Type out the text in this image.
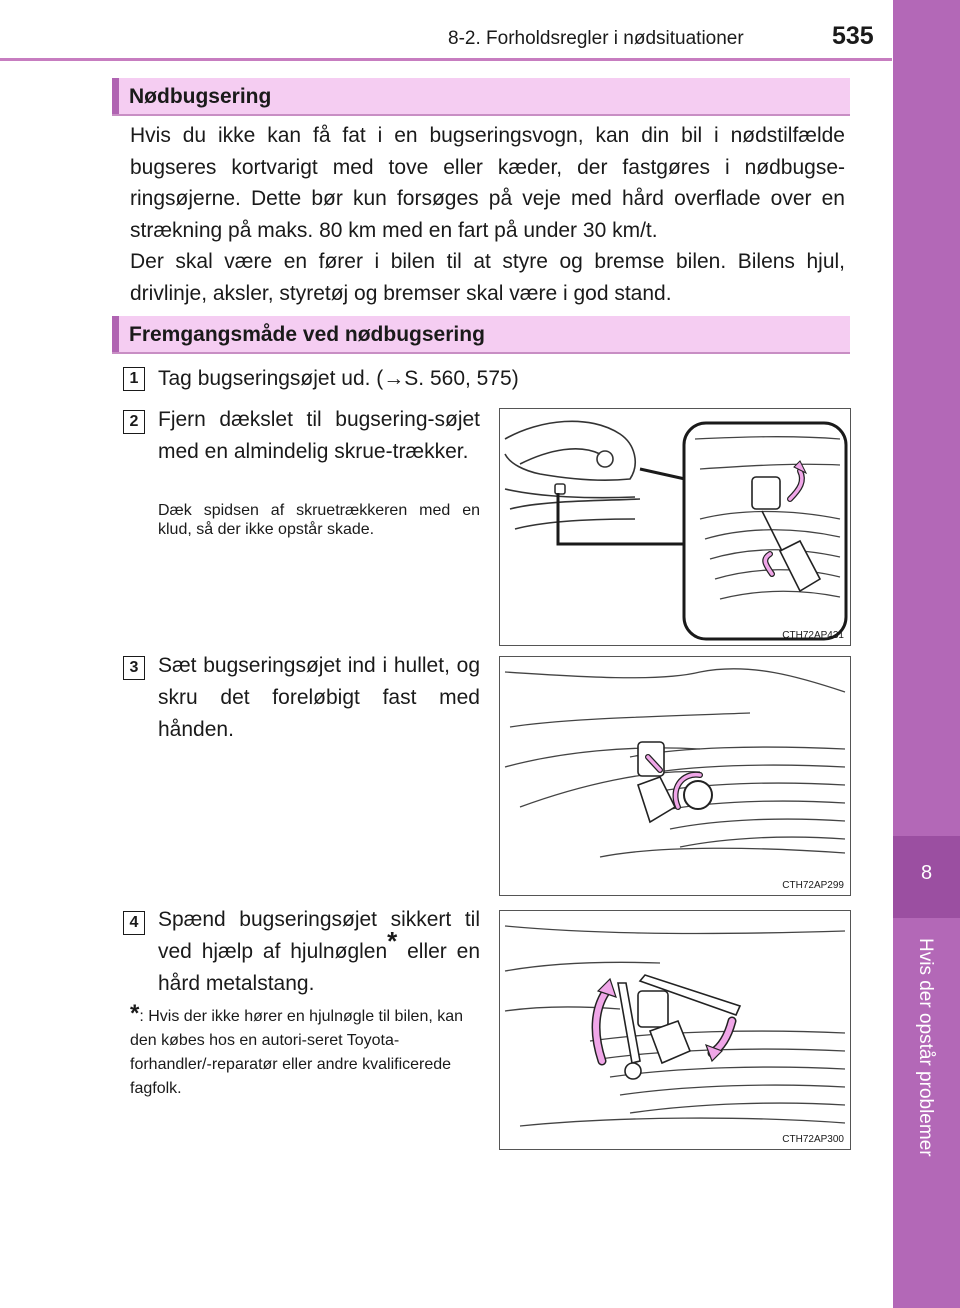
8-2. Forholdsregler i nødsituationer	535
8
Hvis der opstår problemer
Nødbugsering
Hvis du ikke kan få fat i en bugseringsvogn, kan din bil i nødstilfælde bugseres kortvarigt med tove eller kæder, der fastgøres i nødbugse-ringsøjerne. Dette bør kun forsøges på veje med hård overflade over en strækning på maks. 80 km med en fart på under 30 km/t.
Der skal være en fører i bilen til at styre og bremse bilen. Bilens hjul, drivlinje, aksler, styretøj og bremser skal være i god stand.
Fremgangsmåde ved nødbugsering
1 Tag bugseringsøjet ud. (→S. 560, 575)
2 Fjern dækslet til bugsering-søjet med en almindelig skrue-trækker.
Dæk spidsen af skruetrækkeren med en klud, så der ikke opstår skade.
CTH72AP431
3 Sæt bugseringsøjet ind i hullet, og skru det foreløbigt fast med hånden.
CTH72AP299
4 Spænd bugseringsøjet sikkert til ved hjælp af hjulnøglen* eller en hård metalstang.
*: Hvis der ikke hører en hjulnøgle til bilen, kan den købes hos en autori-seret Toyota-forhandler/-reparatør eller andre kvalificerede fagfolk.
CTH72AP300
